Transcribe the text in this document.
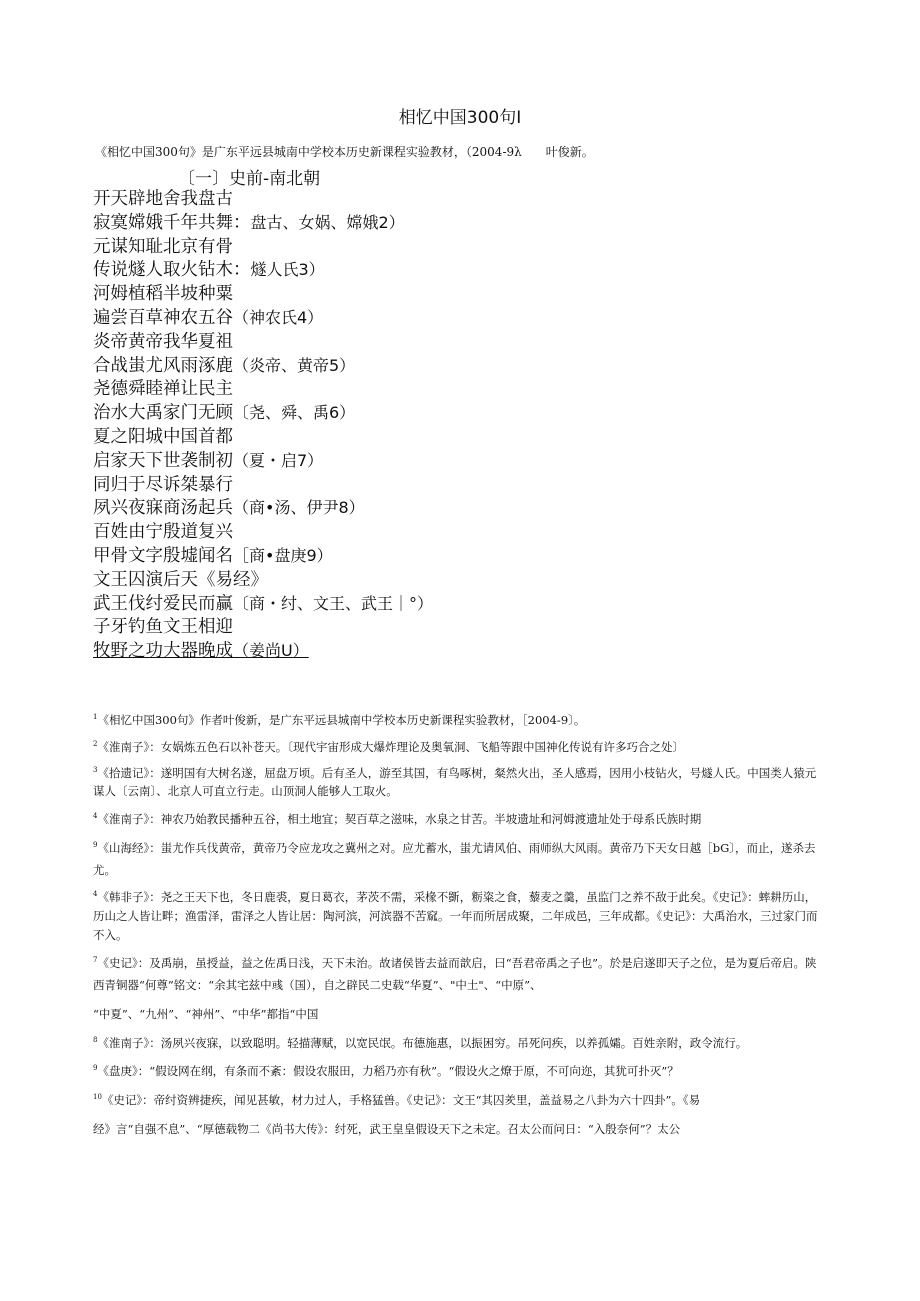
相忆中国300句I
《相忆中国300句》是广东平远县城南中学校本历史新课程实验教材，（2004-9λ　　叶俊新。
〔一〕史前-南北朝
开天辟地舍我盘古
寂寞嫦娥千年共舞：盘古、女娲、嫦娥2）
元谋知耻北京有骨
传说燧人取火钻木：燧人氏3）
河姆植稻半坡种粟
遍尝百草神农五谷（神农氏4）
炎帝黄帝我华夏祖
合战蚩尤风雨涿鹿（炎帝、黄帝5）
尧德舜睦禅让民主
治水大禹家门无顾〔尧、舜、禹6）
夏之阳城中国首都
启家天下世袭制初（夏・启7）
同归于尽诉桀暴行
夙兴夜寐商汤起兵（商•汤、伊尹8）
百姓由宁殷道复兴
甲骨文字殷墟闻名［商•盘庚9）
文王囚演后天《易经》
武王伐纣爱民而赢〔商・纣、文王、武王｜°）
子牙钓鱼文王相迎
牧野之功大器晚成（姜尚U）

$^1$《相忆中国300句》作者叶俊新，是广东平远县城南中学校本历史新课程实验教材，［2004-9〕。

$^2$《淮南子》：女娲炼五色石以补苍天。〔现代宇宙形成大爆炸理论及奥氧洞、飞船等跟中国神化传说有许多巧合之处〕

$^3$《拾遗记》：遂明国有大树名遂，屈盘万顷。后有圣人，游至其国，有鸟啄树，粲然火出，圣人感焉，因用小枝钻火，号燧人氏。中国类人猿元谋人〔云南〕、北京人可直立行走。山顶洞人能够人工取火。

$^4$《淮南子》：神农乃始教民播种五谷，相土地宜；契百草之滋味，水泉之甘苦。半坡遗址和河姆渡遗址处于母系氏族时期

$^9$《山海经》：蚩尤作兵伐黄帝，黄帝乃令应龙攻之冀州之对。应尤蓄水，蚩尤请风伯、雨师纵大风雨。黄帝乃下天女日越［bG〕，而止，遂杀去尤。

$^4$《韩非子》：尧之王天下也，冬日鹿裘，夏日葛衣，茅茨不需，采椽不斵，粝粢之食，藜麦之羹，虽监门之养不敌于此矣。《史记》：蟀耕历山，历山之人皆让畔；渔雷泽，雷泽之人皆让居：陶河滨，河滨器不苦窳。一年而所居成聚，二年成邑，三年成都。《史记》：大禹治水，三过家门而不入。

$^7$《史记》：及禹崩，虽授益，益之佐禹日浅，天下未治。故诸侯皆去益而歆启，曰“吾君帝禹之子也”。於是启遂即天子之位，是为夏后帝启。陕西青铜器“何尊”铭文：“余其宅兹中彧（国），自之辟民二史载“华夏”、"中土"、“中原”、

“中夏”、“九州”、“神州”、“中华”都指“中国

$^8$《淮南子》：汤夙兴夜寐，以致聪明。轻描薄赋，以宽民氓。布德施惠，以振困穷。吊死问疾，以养孤孀。百姓亲附，政令流行。

$^9$《盘庚》：“假设网在纲，有条而不紊：假设农服田，力稻乃亦有秋”。“假设火之燎于原，不可向迩，其犹可扑灭”？

$^{10}$《史记》：帝纣资辨捷疾，闻见甚敏，材力过人，手格猛兽。《史记》：文王“其囚羑里，盖益易之八卦为六十四卦”。《易

经》言“自强不息”、“厚德载物二《尚书大传》：纣死，武王皇皇假设天下之未定。召太公而问日：“入殷奈何”？太公
